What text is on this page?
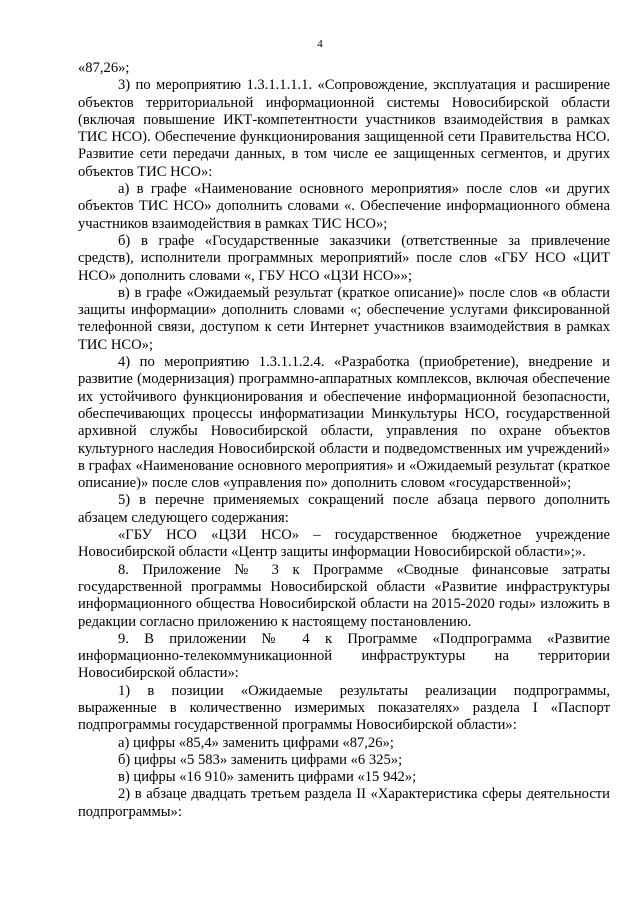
4

«87,26»;

3) по мероприятию 1.3.1.1.1.1. «Сопровождение, эксплуатация и расширение объектов территориальной информационной системы Новосибирской области (включая повышение ИКТ-компетентности участников взаимодействия в рамках ТИС НСО). Обеспечение функционирования защищенной сети Правительства НСО. Развитие сети передачи данных, в том числе ее защищенных сегментов, и других объектов ТИС НСО»:

а) в графе «Наименование основного мероприятия» после слов «и других объектов ТИС НСО» дополнить словами «. Обеспечение информационного обмена участников взаимодействия в рамках ТИС НСО»;

б) в графе «Государственные заказчики (ответственные за привлечение средств), исполнители программных мероприятий» после слов «ГБУ НСО «ЦИТ НСО» дополнить словами «, ГБУ НСО «ЦЗИ НСО»»;

в) в графе «Ожидаемый результат (краткое описание)» после слов «в области защиты информации» дополнить словами «; обеспечение услугами фиксированной телефонной связи, доступом к сети Интернет участников взаимодействия в рамках ТИС НСО»;

4) по мероприятию 1.3.1.1.2.4. «Разработка (приобретение), внедрение и развитие (модернизация) программно-аппаратных комплексов, включая обеспечение их устойчивого функционирования и обеспечение информационной безопасности, обеспечивающих процессы информатизации Минкультуры НСО, государственной архивной службы Новосибирской области, управления по охране объектов культурного наследия Новосибирской области и подведомственных им учреждений» в графах «Наименование основного мероприятия» и «Ожидаемый результат (краткое описание)» после слов «управления по» дополнить словом «государственной»;

5) в перечне применяемых сокращений после абзаца первого дополнить абзацем следующего содержания:

«ГБУ НСО «ЦЗИ НСО» – государственное бюджетное учреждение Новосибирской области «Центр защиты информации Новосибирской области»;».

8. Приложение № 3 к Программе «Сводные финансовые затраты государственной программы Новосибирской области «Развитие инфраструктуры информационного общества Новосибирской области на 2015-2020 годы» изложить в редакции согласно приложению к настоящему постановлению.

9. В приложении № 4 к Программе «Подпрограмма «Развитие информационно-телекоммуникационной инфраструктуры на территории Новосибирской области»:

1) в позиции «Ожидаемые результаты реализации подпрограммы, выраженные в количественно измеримых показателях» раздела I «Паспорт подпрограммы государственной программы Новосибирской области»:

а) цифры «85,4» заменить цифрами «87,26»;

б) цифры «5 583» заменить цифрами «6 325»;

в) цифры «16 910» заменить цифрами «15 942»;

2) в абзаце двадцать третьем раздела II «Характеристика сферы деятельности подпрограммы»:
